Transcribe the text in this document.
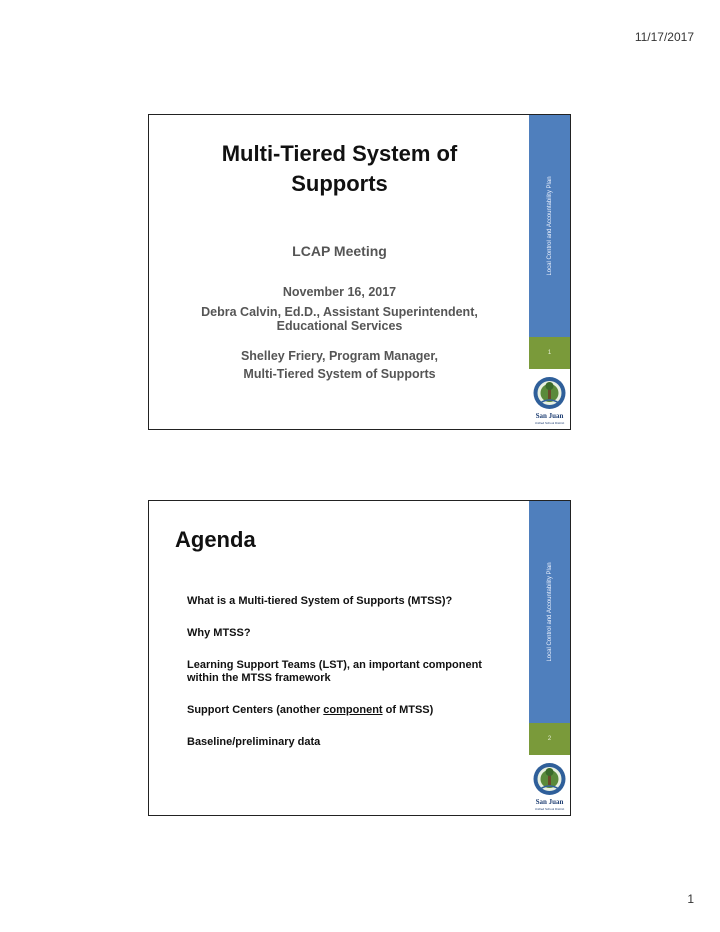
11/17/2017
Multi-Tiered System of
Supports
LCAP Meeting
November 16, 2017
Debra Calvin, Ed.D., Assistant Superintendent,
Educational Services
Shelley Friery, Program Manager,
Multi-Tiered System of Supports
Local Control and Accountability Plan
1
San Juan
Unified School District
Agenda
What is a Multi-tiered System of Supports (MTSS)?
Why MTSS?
Learning Support Teams (LST), an important component
within the MTSS framework
Support Centers (another component of MTSS)
Baseline/preliminary data
Local Control and Accountability Plan
2
San Juan
Unified School District
1
